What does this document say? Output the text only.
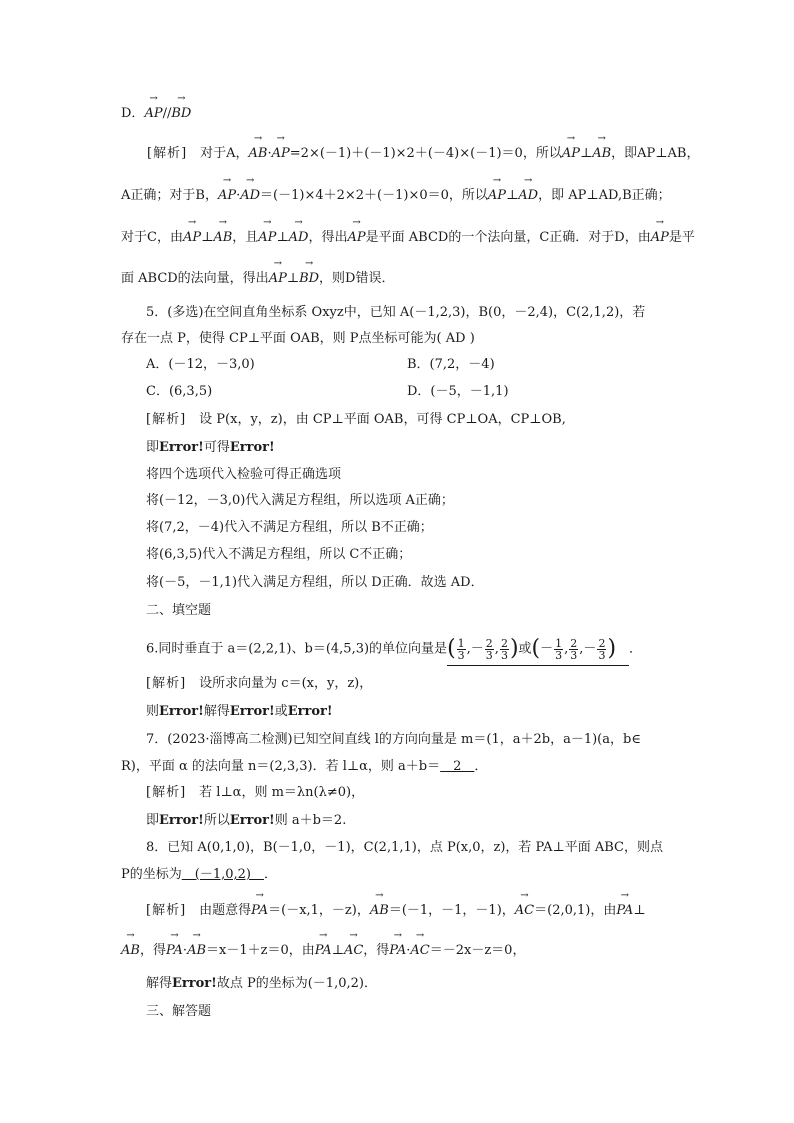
D．→ AP//→ BD
[解析]　对于A，→ AB·→ AP=2×(－1)＋(－1)×2＋(－4)×(－1)＝0，所以→ AP⊥→ AB，即AP⊥AB，
A正确；对于B，→ AP·→ AD＝(－1)×4＋2×2＋(－1)×0＝0，所以→ AP⊥→ AD，即 AP⊥AD,B正确；
对于C，由→ AP⊥→ AB，且→ AP⊥→ AD，得出→ AP是平面 ABCD的一个法向量，C正确．对于D，由→ AP是平
面 ABCD的法向量，得出→ AP⊥→ BD，则D错误．
5．(多选)在空间直角坐标系 Oxyz中，已知 A(－1,2,3)，B(0，－2,4)，C(2,1,2)，若
存在一点 P，使得 CP⊥平面 OAB，则 P点坐标可能为( AD )
A．(－12，－3,0)	B．(7,2，－4)
C．(6,3,5)	D．(－5，－1,1)
[解析]　设 P(x，y，z)，由 CP⊥平面 OAB，可得 CP⊥OA，CP⊥OB,
即Error!可得Error!
将四个选项代入检验可得正确选项
将(－12，－3,0)代入满足方程组，所以选项 A正确；
将(7,2，－4)代入不满足方程组，所以 B不正确；
将(6,3,5)代入不满足方程组，所以 C不正确；
将(－5，－1,1)代入满足方程组，所以 D正确．故选 AD．
二、填空题
6.同时垂直于 a＝(2,2,1)、b＝(4,5,3)的单位向量是( $\frac{1}{3}$ ,－ $\frac{2}{3}$ , $\frac{2}{3}$ )或(－ $\frac{1}{3}$ , $\frac{2}{3}$ ,－ $\frac{2}{3}$ )　 ．
[解析]　设所求向量为 c＝(x，y，z)，
则Error!解得Error!或Error!
7．(2023·淄博高二检测)已知空间直线 l的方向向量是 m＝(1，a＋2b，a－1)(a，b∈
R)，平面 α 的法向量 n＝(2,3,3)．若 l⊥α，则 a＋b＝　2　．
[解析]　若 l⊥α，则 m＝λn(λ≠0)，
即Error!所以Error!则 a＋b＝2.
8．已知 A(0,1,0)，B(－1,0，－1)，C(2,1,1)，点 P(x,0，z)，若 PA⊥平面 ABC，则点
P的坐标为　(－1,0,2)　．
[解析]　由题意得→ PA＝(－x,1，－z)，→ AB＝(－1，－1，－1)，→ AC＝(2,0,1)，由→ PA⊥
→ AB，得→ PA·→ AB＝x－1＋z＝0，由→ PA⊥→ AC，得→ PA·→ AC＝－2x－z＝0，
解得Error!故点 P的坐标为(－1,0,2)．
三、解答题
